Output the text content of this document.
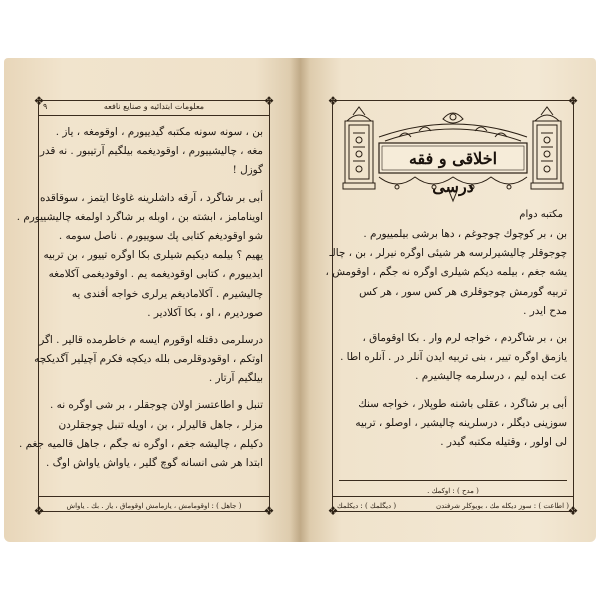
❖	❖
❖	❖
٩	معلومات ابتدائیه و صنایع نافعه
بن ، سونه سونه مکتبه گیدییورم ، اوقومغه ، یاز .
مغه ، چالیشییورم ، اوقودیغمه بیلگیم آرتیبور . نه قدر
گوزل !
أبی بر شاگرد ، آرقه داشلرینه غاوغا ایتمز ، سوقاقده
اوینامامز ، ابشته بن ، اوبله بر شاگرد اولمغه چالیشییورم .
شو اوقودیغم کتابی پك سوییورم . ناصل سومه .
یهیم ؟ بیلمه دیکیم شیلری بکا اوگره تییور ، بن تربیه
ایدییورم ، کتابی اوقودیغمه یم . اوقودیغمی آکلامغه
چالیشیرم . آکلامادیغم یرلری خواجه أفندی یه
صوردیرم ، او ، بکا آکلادیر .
درسلرمی دقتله اوقورم ایسه م خاطرمده قالیر . اگر
اوتکم ، اوقودوقلرمی بلله دیکچه فکرم آچیلیر آگدیکچه
بیلگیم آرتار .
تنبل و اطاعتسز اولان چوجقلر ، بر شی اوگره نه .
مزلر ، جاهل قالیرلر ، بن ، اویله تنبل چوجقلردن
دکیلم ، چالیشه جغم ، اوگره نه جگم ، جاهل قالمیه جغم .
ابتدا هر شی انسانه گوچ گلیر ، یاواش یاواش اوگ .
( جاهل ) : اوقومامش ، یازمامش اوقوماق ، یاز . بك . یاواش
❖	❖
❖	❖
اخلاقی و فقه درسی
مکتبه دوام
بن ، بر کوچوك چوجوغم ، دها برشی بیلمییورم .
چوجوقلر چالیشیرلرسه هر شیئی اوگره نیرلر ، بن ، چالـ
یشه جغم ، بیلمه دیکم شیلری اوگره نه جگم ، اوقومش ،
تربیه گورمش چوجوقلری هر کس سور ، هر کس
مدح ایدر .
بن ، بر شاگردم ، خواجه لرم وار . بکا اوقوماق ،
یازمق اوگره تییر ، بنی تربیه ایدن آنلر در . آنلره اطا .
عت ایده لیم ، درسلرمه چالیشیرم .
أبی بر شاگرد ، عقلی باشنه طوپلار ، خواجه سنك
سوزینی دیگلر ، درسلرینه چالیشیر ، اوصلو ، تربیه
لی اولور ، وقتیله مکتبه گیدر .
( مدح ) : اوکمك .
( اطاعت ) : سوز دیکله مك ، بویوکلر شرفندن
( دیگلمك ) : دیكلمك
